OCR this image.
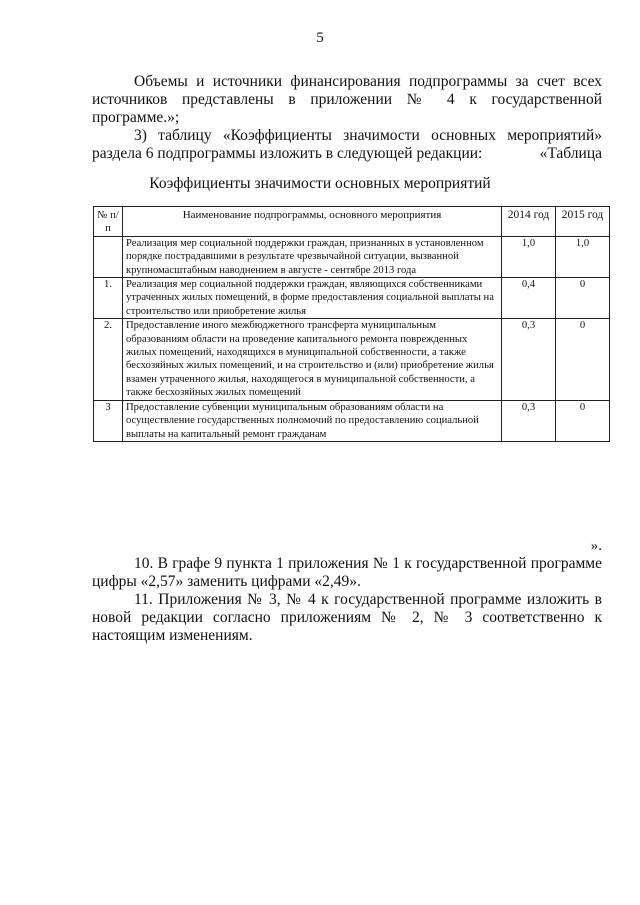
5

Объемы и источники финансирования подпрограммы за счет всех источников представлены в приложении № 4 к государственной программе.»;

3) таблицу «Коэффициенты значимости основных мероприятий» раздела 6 подпрограммы изложить в следующей редакции:	«Таблица
Коэффициенты значимости основных мероприятий
№ п/п	Наименование подпрограммы, основного мероприятия	2014 год	2015 год
	Реализация мер социальной поддержки граждан, признанных в установленном порядке пострадавшими в результате чрезвычайной ситуации, вызванной крупномасштабным наводнением в августе - сентябре 2013 года	1,0	1,0
1.	Реализация мер социальной поддержки граждан, являющихся собственниками утраченных жилых помещений, в форме предоставления социальной выплаты на строительство или приобретение жилья	0,4	0
2.	Предоставление иного межбюджетного трансферта муниципальным образованиям области на проведение капитального ремонта поврежденных жилых помещений, находящихся в муниципальной собственности, а также бесхозяйных жилых помещений, и на строительство и (или) приобретение жилья взамен утраченного жилья, находящегося в муниципальной собственности, а также бесхозяйных жилых помещений	0,3	0
3	Предоставление субвенции муниципальным образованиям области на осуществление государственных полномочий по предоставлению социальной выплаты на капитальный ремонт гражданам	0,3	0
».

10. В графе 9 пункта 1 приложения № 1 к государственной программе цифры «2,57» заменить цифрами «2,49».

11. Приложения № 3, № 4 к государственной программе изложить в новой редакции согласно приложениям № 2, № 3 соответственно к настоящим изменениям.
